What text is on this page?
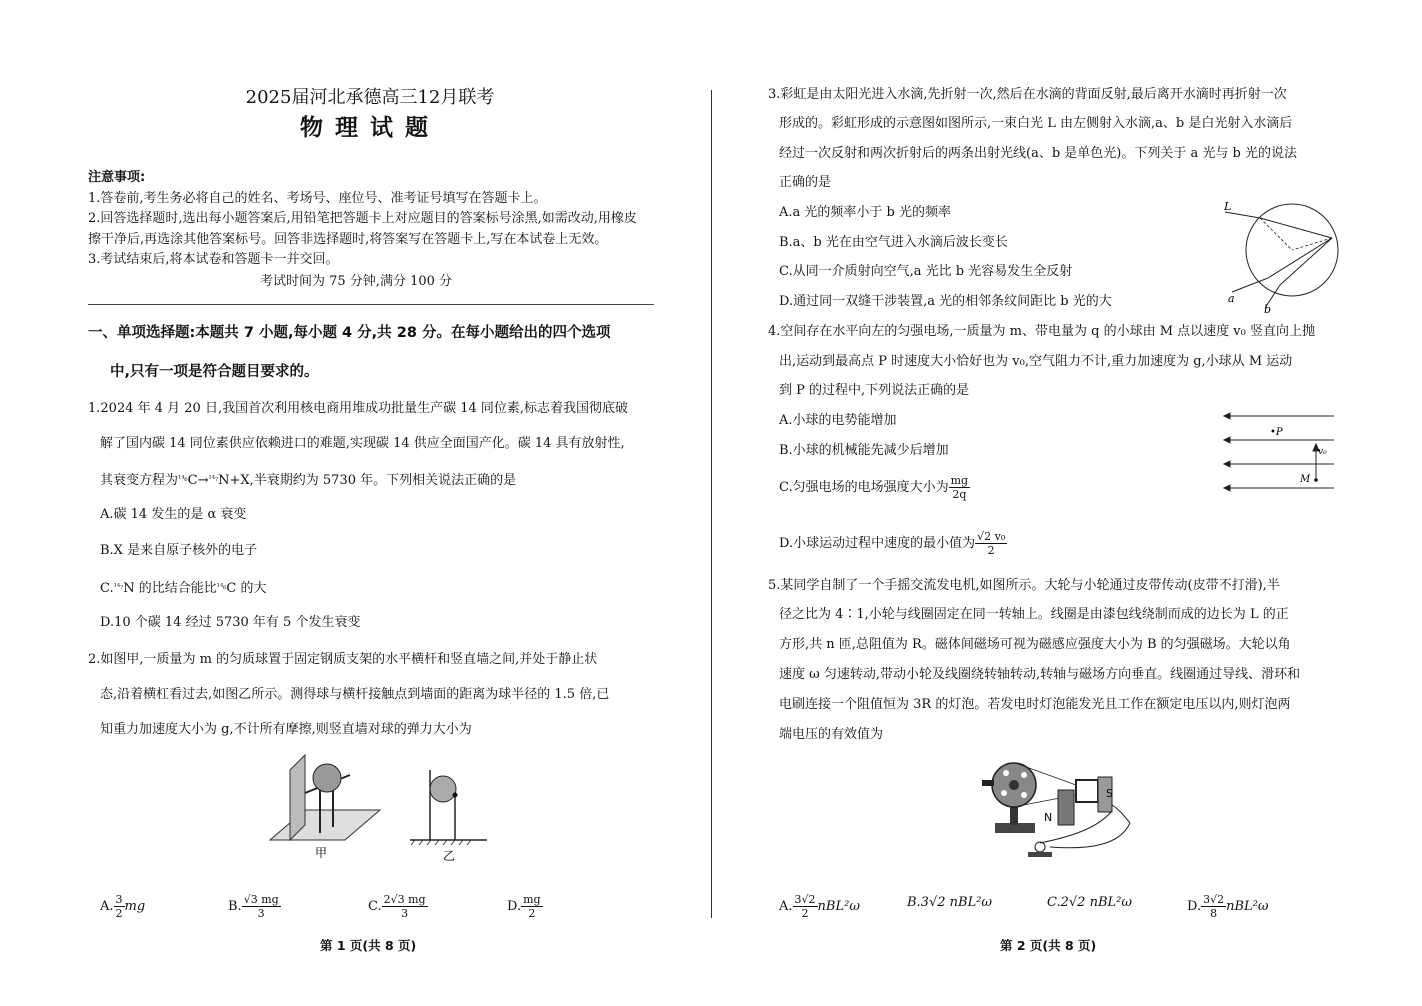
2025届河北承德高三12月联考
物理试题
注意事项:
1.答卷前,考生务必将自己的姓名、考场号、座位号、准考证号填写在答题卡上。
2.回答选择题时,选出每小题答案后,用铅笔把答题卡上对应题目的答案标号涂黑,如需改动,用橡皮
擦干净后,再选涂其他答案标号。回答非选择题时,将答案写在答题卡上,写在本试卷上无效。
3.考试结束后,将本试卷和答题卡一并交回。
考试时间为 75 分钟,满分 100 分
一、单项选择题:本题共 7 小题,每小题 4 分,共 28 分。在每小题给出的四个选项
中,只有一项是符合题目要求的。
1.2024 年 4 月 20 日,我国首次利用核电商用堆成功批量生产碳 14 同位素,标志着我国彻底破
解了国内碳 14 同位素供应依赖进口的难题,实现碳 14 供应全面国产化。碳 14 具有放射性,
其衰变方程为$^{^{14}_6}$C→$^{^{14}_7}$N+X,半衰期约为 5730 年。下列相关说法正确的是
A.碳 14 发生的是 α 衰变
B.X 是来自原子核外的电子
C.$^{^{14}_7}$N 的比结合能比$^{^{14}_6}$C 的大
D.10 个碳 14 经过 5730 年有 5 个发生衰变
2.如图甲,一质量为 m 的匀质球置于固定钢质支架的水平横杆和竖直墙之间,并处于静止状
态,沿着横杠看过去,如图乙所示。测得球与横杆接触点到墙面的距离为球半径的 1.5 倍,已
知重力加速度大小为 g,不计所有摩擦,则竖直墙对球的弹力大小为
甲	乙
A. $\frac{3}{2}$ mg	B. $\frac{√3 mg}{3}$	C. $\frac{2√3 mg}{3}$	D. $\frac{mg}{2}$
第 1 页(共 8 页)
3.彩虹是由太阳光进入水滴,先折射一次,然后在水滴的背面反射,最后离开水滴时再折射一次
形成的。彩虹形成的示意图如图所示,一束白光 L 由左侧射入水滴,a、b 是白光射入水滴后
经过一次反射和两次折射后的两条出射光线(a、b 是单色光)。下列关于 a 光与 b 光的说法
正确的是
A.a 光的频率小于 b 光的频率
B.a、b 光在由空气进入水滴后波长变长
C.从同一介质射向空气,a 光比 b 光容易发生全反射
D.通过同一双缝干涉装置,a 光的相邻条纹间距比 b 光的大
L
a
b
4.空间存在水平向左的匀强电场,一质量为 m、带电量为 q 的小球由 M 点以速度 v₀ 竖直向上抛
出,运动到最高点 P 时速度大小恰好也为 v₀,空气阻力不计,重力加速度为 g,小球从 M 运动
到 P 的过程中,下列说法正确的是
A.小球的电势能增加
B.小球的机械能先减少后增加
C.匀强电场的电场强度大小为 $\frac{mg}{2q}$
D.小球运动过程中速度的最小值为 $\frac{\text{√2 v₀}}{2}$
•P
v₀
M
5.某同学自制了一个手摇交流发电机,如图所示。大轮与小轮通过皮带传动(皮带不打滑),半
径之比为 4∶1,小轮与线圈固定在同一转轴上。线圈是由漆包线绕制而成的边长为 L 的正
方形,共 n 匝,总阻值为 R。磁体间磁场可视为磁感应强度大小为 B 的匀强磁场。大轮以角
速度 ω 匀速转动,带动小轮及线圈绕转轴转动,转轴与磁场方向垂直。线圈通过导线、滑环和
电刷连接一个阻值恒为 3R 的灯泡。若发电时灯泡能发光且工作在额定电压以内,则灯泡两
端电压的有效值为
N
S
A. $\frac{3√2}{2} nBL^2\omega$	B.3√2 nBL²ω	C.2√2 nBL²ω	D. $\frac{3√2}{8} nBL^2\omega$
第 2 页(共 8 页)
